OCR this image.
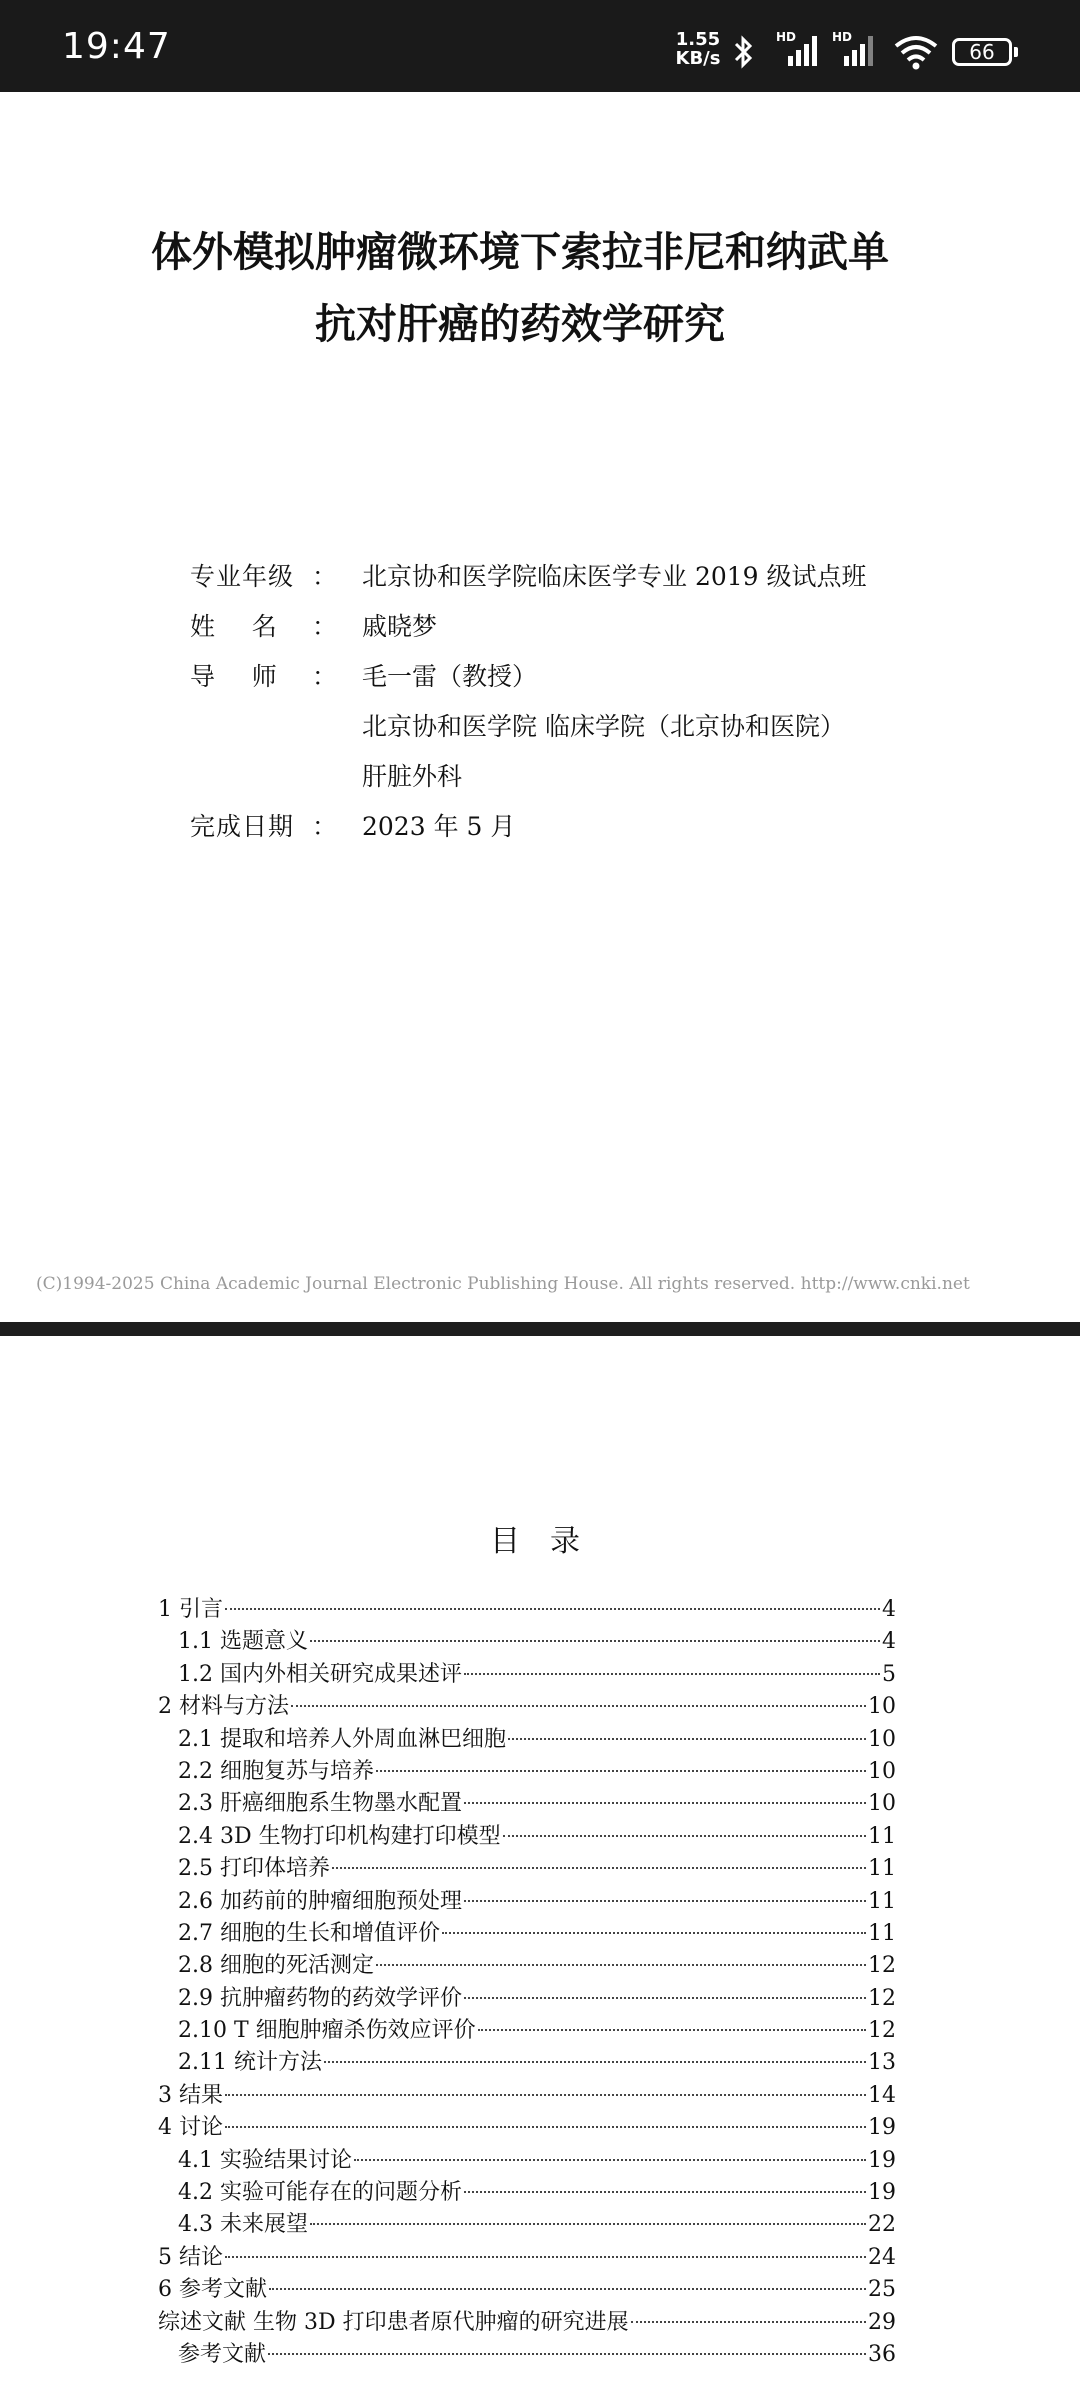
19:47	1.55
KB/s
HD	HD
66
体外模拟肿瘤微环境下索拉非尼和纳武单
抗对肝癌的药效学研究
专业年级 ： 北京协和医学院临床医学专业 2019 级试点班
姓    名	： 戚晓梦
导    师	： 毛一雷（教授）
北京协和医学院 临床学院（北京协和医院）
肝脏外科
完成日期 ： 2023 年 5 月
(C)1994-2025 China Academic Journal Electronic Publishing House. All rights reserved. http://www.cnki.net
目录
1 引言	4
1.1 选题意义	4
1.2 国内外相关研究成果述评	5
2 材料与方法	10
2.1 提取和培养人外周血淋巴细胞	10
2.2 细胞复苏与培养	10
2.3 肝癌细胞系生物墨水配置	10
2.4 3D 生物打印机构建打印模型	11
2.5 打印体培养	11
2.6 加药前的肿瘤细胞预处理	11
2.7 细胞的生长和增值评价	11
2.8 细胞的死活测定	12
2.9 抗肿瘤药物的药效学评价	12
2.10 T 细胞肿瘤杀伤效应评价	12
2.11 统计方法	13
3 结果	14
4 讨论	19
4.1 实验结果讨论	19
4.2 实验可能存在的问题分析	19
4.3 未来展望	22
5 结论	24
6 参考文献	25
综述文献 生物 3D 打印患者原代肿瘤的研究进展	29
参考文献	36
